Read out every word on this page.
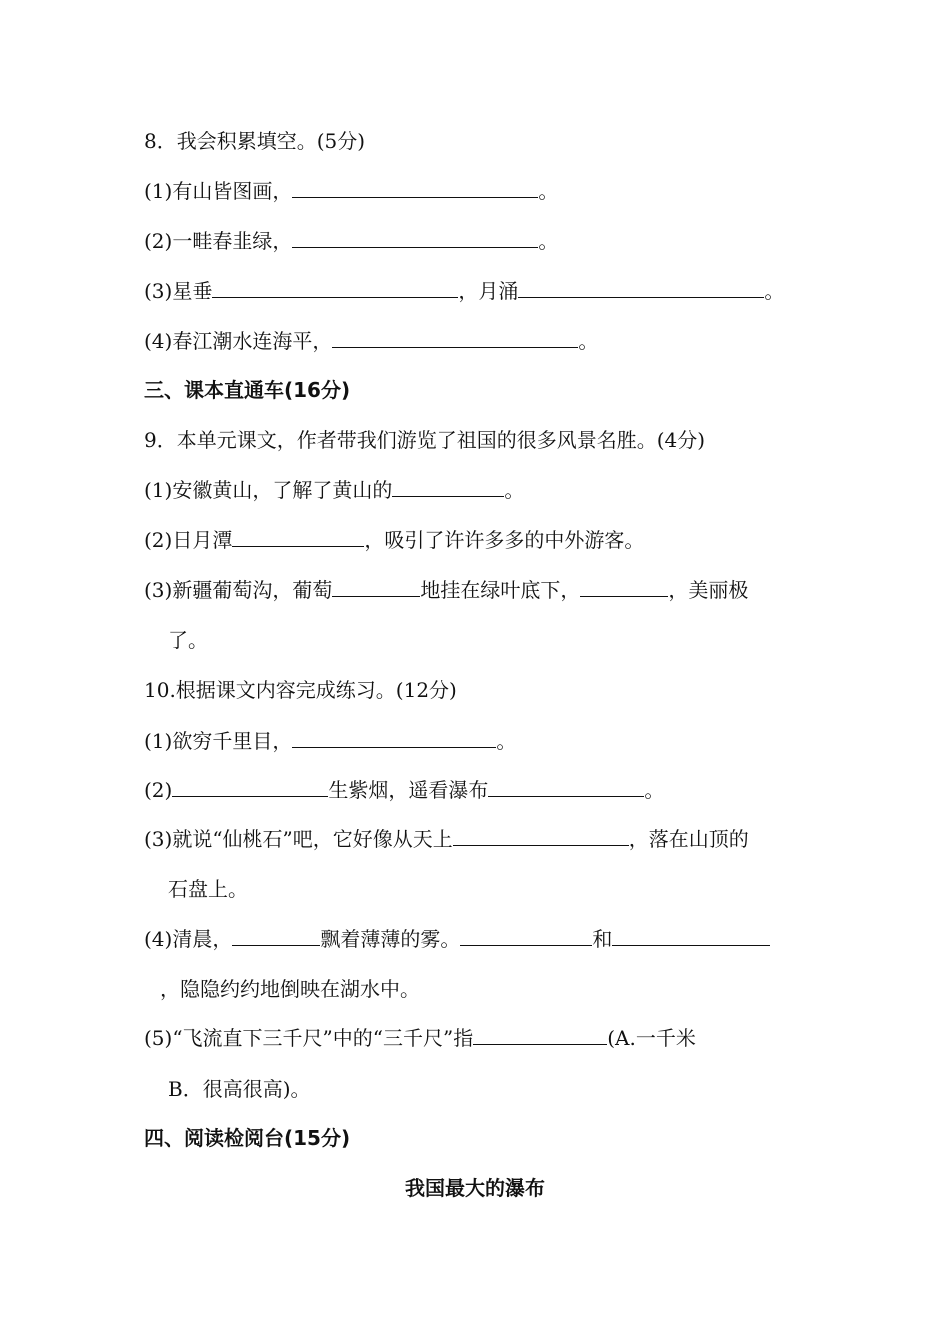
8．我会积累填空。(5分)
(1)有山皆图画，	。
(2)一畦春韭绿，	。
(3)星垂	，月涌	。
(4)春江潮水连海平，	。
三、课本直通车(16分)
9．本单元课文，作者带我们游览了祖国的很多风景名胜。(4分)
(1)安徽黄山，了解了黄山的	。
(2)日月潭	，吸引了许许多多的中外游客。
(3)新疆葡萄沟，葡萄	地挂在绿叶底下，	，美丽极
了。
10.根据课文内容完成练习。(12分)
(1)欲穷千里目，	。
(2)	生紫烟，遥看瀑布	。
(3)就说“仙桃石”吧，它好像从天上	，落在山顶的
石盘上。
(4)清晨，	飘着薄薄的雾。	和
，隐隐约约地倒映在湖水中。
(5)“飞流直下三千尺”中的“三千尺”指	(A.一千米
B．很高很高)。
四、阅读检阅台(15分)
我国最大的瀑布
